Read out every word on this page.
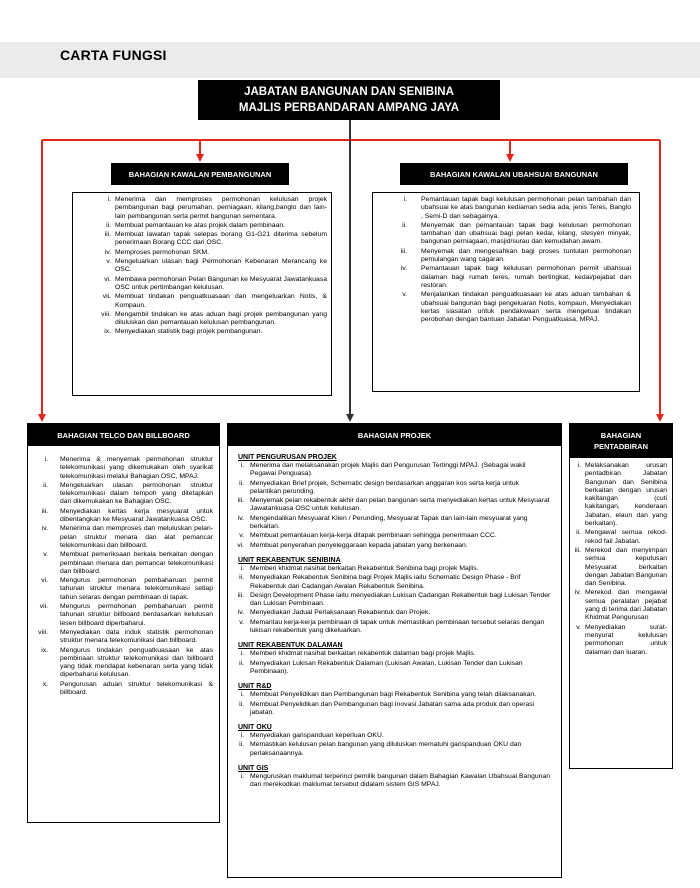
CARTA FUNGSI
JABATAN BANGUNAN DAN SENIBINA
MAJLIS PERBANDARAN AMPANG JAYA
i. Menerima dan memproses permohonan kelulusan projek pembangunan bagi perumahan, perniagaan, kilang,banglo dan lain-lain pembangunan serta permit bangunan sementara.
ii. Membuat pemantauan ke atas projek dalam pembinaan.
iii. Membuat lawatan tapak selepas borang G1-G21 diterima sebelum penerimaan Borang CCC dari OSC.
iv. Memproses permohonan SKM.
v. Mengeluarkan ulasan bagi Permohonan Kebenaran Merancang ke OSC.
vi. Membawa permohonan Pelan Bangunan ke Mesyuarat Jawatankuasa OSC untuk pertimbangan kelulusan.
vii. Membuat tindakan penguatkuasaan dan mengeluarkan Notis, & Kompaun.
viii. Mengambil tindakan ke atas aduan bagi projek pembangunan yang diluluskan dan pemantauan kelulusan pembangunan.
ix. Menyediakan statistik bagi projek pembangunan.
BAHAGIAN KAWALAN PEMBANGUNAN
i. Pemantauan tapak bagi kelulusan permohonan pelan tambahan dan ubahsuai ke atas bangunan kediaman sedia ada, jenis Teres, Banglo , Semi-D dan sebagainya.
ii. Menyemak dan pemantauan tapak bagi kelulusan permohonan tambahan dan ubahsuai bagi pelan kedai, kilang, stesyen minyak, bangunan perniagaan, masjid/surau dan kemudahan awam.
iii. Menyemak dan mengesahkan bagi proses tuntutan permohonan pemulangan wang cagaran.
iv. Pemantauan tapak bagi kelulusan permohonan permit ubahsuai dalaman bagi rumah teres, rumah bertingkat, kedai/pejabat dan restoran.
v. Menjalankan tindakan penguatkuasaan ke atas aduan tambahan & ubahsuai bangunan bagi pengeluaran Notis, kompaun, Menyediakan kertas siasatan untuk pendakwaan serta mengetuai tindakan perobohan dengan bantuan Jabatan Penguatkuasa, MPAJ.
BAHAGIAN KAWALAN UBAHSUAI BANGUNAN
BAHAGIAN TELCO DAN BILLBOARD
i. Menerima & menyemak permohonan struktur telekomunikasi yang dikemukakan oleh syarikat telekomunikasi melalui Bahagian OSC, MPAJ.
ii. Mengeluarkan ulasan permohonan struktur telekomunikasi dalam tempoh yang ditetapkan dan dikemukakan ke Bahagian OSC.
iii. Menyediakan kertas kerja mesyuarat untuk dibentangkan ke Mesyuarat Jawatankuasa OSC.
iv. Menerima dan memproses dan meluluskan pelan-pelan struktur menara dan alat pemancar telekomunikasi dan billboard.
v. Membuat pemeriksaan berkala berkaitan dengan pembinaan menara dan pemancar telekomunikasi dan billboard.
vi. Mengurus permohonan pembaharuan permit tahunan struktur menara telekomunikasi setiap tahun selaras dengan pembinaan di tapak.
vii. Mengurus permohonan pembaharuan permit tahunan struktur billboard berdasarkan kelulusan lesen billboard diperbaharui.
viii. Menyediakan data induk statistik permohonan struktur menara telekomunikasi dan billboard.
ix. Mengurus tindakan penguatkuasaan ke atas pembinaan struktur telekomunikasi dan billboard yang tidak mendapat kebenaran serta yang tidak diperbaharui kelulusan.
x. Pengurusan aduan struktur telekomunikasi & billboard.
BAHAGIAN PROJEK
UNIT PENGURUSAN PROJEK
i. Menerima dan melaksanakan projek Majlis dari Pengurusan Tertinggi MPAJ. (Sebagai wakil Pegawai Penguasa).
ii. Menyediakan Brief projek, Schematic design berdasarkan anggaran kos serta kerja untuk pelantikan perunding.
iii. Menyemak pelan rekabentuk akhir dan pelan bangunan serta menyediakan kertas untuk Mesyuarat Jawatankuasa OSC untuk kelulusan.
iv. Mengendalikan Mesyuarat Klien / Perunding, Mesyuarat Tapak dan lain-lain mesyuarat yang berkaitan.
v. Membuat pemantauan kerja-kerja ditapak pembinaan sehingga penerimaan CCC.
vi. Membuat penyerahan penyeleggaraan kepada jabatan yang berkenaan.
UNIT REKABENTUK SENIBINA
i. Memberi khidmat nasihat berkaitan Rekabentuk Senibina bagi projek Majlis.
ii. Menyediakan Rekabentuk Senibina bagi Projek Majlis iaitu Schematic Design Phase - Brif Rekabentuk dan Cadangan Awalan Rekabentuk Senibina.
iii. Design Development Phase iaitu menyediakan Lukisan Cadangan Rekabentuk bagi Lukisan Tender dan Lukisan Pembinaan.
iv. Menyediakan Jadual Perlaksanaan Rekabentuk dan Projek.
v. Memantau kerja-kerja pembinaan di tapak untuk memastikan pembinaan tersebut selaras dengan lukisan rekabentuk yang dikeluarkan.
UNIT REKABENTUK DALAMAN
i. Memberi khidmat nasihat berkaitan rekabentuk dalaman bagi projek Majlis.
ii. Menyediakan Lukisan Rekabentuk Dalaman (Lukisan Awalan, Lukisan Tender dan Lukisan Pembinaan).
UNIT R&D
i. Membuat Penyelidikan dan Pembangunan bagi Rekabentuk Senibina yang telah dilaksanakan.
ii. Membuat Penyelidikan dan Pembangunan bagi Inovasi Jabatan sama ada produk dan operasi jabatan.
UNIT OKU
i. Menyediakan garispanduan keperluan OKU.
ii. Memastikan kelulusan pelan bangunan yang diluluskan mematuhi garispanduan OKU dan perlaksanaannya.
UNIT GIS
i. Menguruskan maklumat terperinci pemilik bangunan dalam Bahagian Kawalan Ubahsuai Bangunan dan merekodkan maklumat tersebut didalam sistem GIS MPAJ.
BAHAGIAN
PENTADBIRAN
i. Melaksanakan urusan pentadbiran Jabatan Bangunan dan Senibina berkaitan dengan urusan kakitangan (cuti kakitangan, kenderaan Jabatan, elaun dan yang berkaitan).
ii. Mengawal semua rekod-rekod fail Jabatan.
iii. Merekod dan menyimpan semua keputusan Mesyuarat berkaitan dengan Jabatan Bangunan dan Senibina.
iv. Merekod dan mengawal semua peralatan pejabat yang di terima dari Jabatan Khidmat Pengurusan
v. Menyediakan surat-menyurat kelulusan permohonan untuk dalaman dan luaran.
